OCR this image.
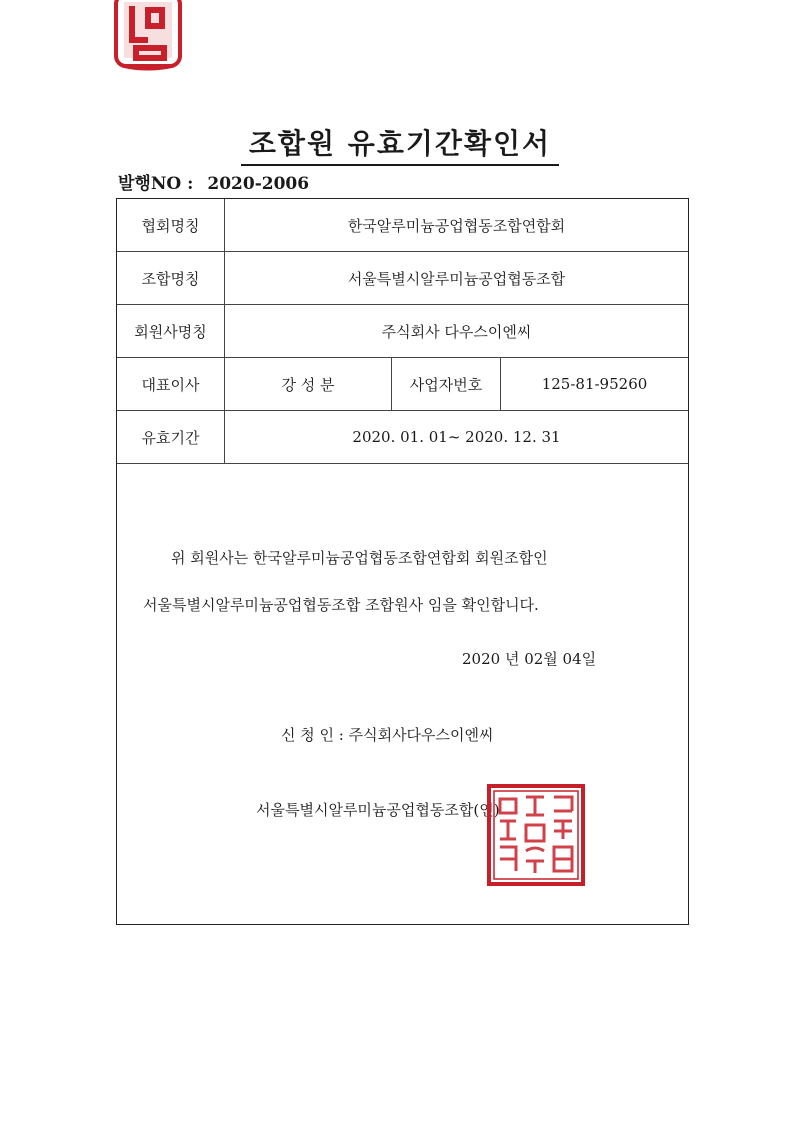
조합원 유효기간확인서
발행NO : 2020-2006
협회명칭	한국알루미늄공업협동조합연합회		
조합명칭	서울특별시알루미늄공업협동조합		
회원사명칭	주식회사 다우스이엔씨		
대표이사	강 성 분	사업자번호	125-81-95260
유효기간	2020. 01. 01~ 2020. 12. 31		
위 회원사는 한국알루미늄공업협동조합연합회 회원조합인
서울특별시알루미늄공업협동조합 조합원사 임을 확인합니다.
2020 년 02월 04일
신 청 인 : 주식회사다우스이엔씨
서울특별시알루미늄공업협동조합(인)
